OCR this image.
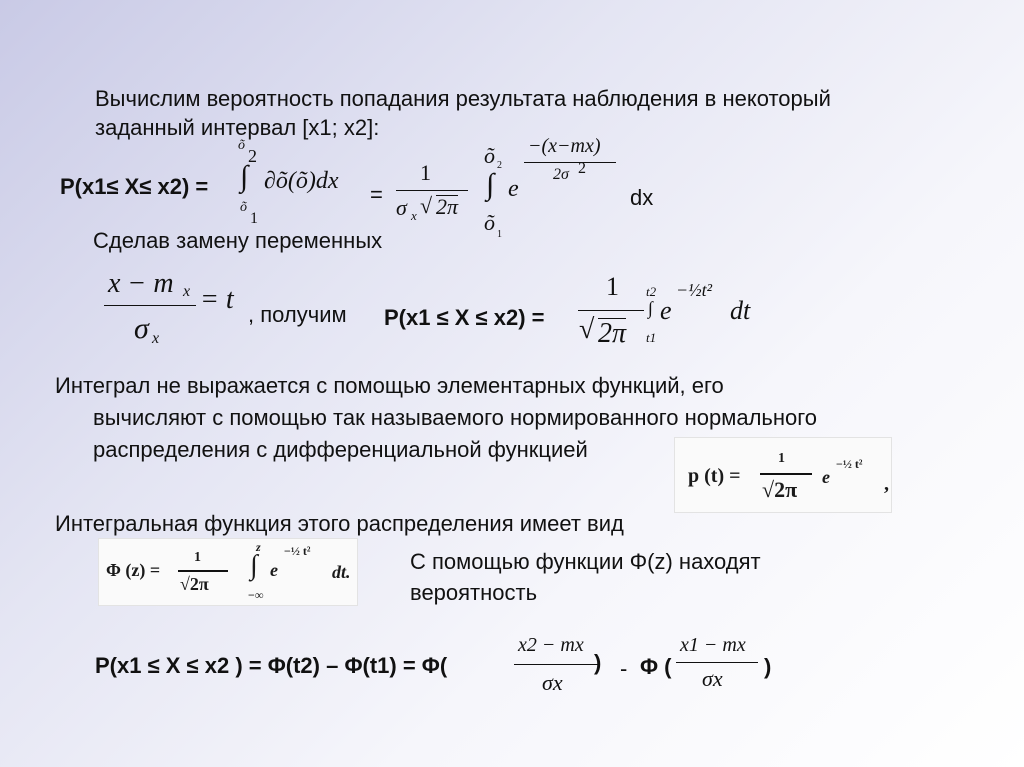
Вычислим вероятность попадания результата наблюдения в некоторый
заданный интервал [x1; x2]:
P(x1≤ X≤ x2) =
õ
2
∫
õ
1
∂õ(õ)dx
=
1
σ x √ 2π
õ 2
∫
õ 1
e
−(x−mx)
2σ 2
dx
Сделав замену переменных
x − m x
σ x
= t , получим P(x1 ≤ X ≤ x2) =
1
√ 2π
t2
∫
t1
e
−½t²
dt
Интеграл не выражается с помощью элементарных функций, его
вычисляют с помощью так называемого нормированного нормального
распределения с дифференциальной функцией
p (t) =
1
√2π e
−½ t²
,
Интегральная функция этого распределения имеет вид
Φ (z) =
1
√2π
z
∫
−∞
e
−½ t²
dt.	С помощью функции Φ(z) находят
вероятность
P(x1 ≤ X ≤ x2 ) = Φ(t2) – Φ(t1) = Φ(
x2 − mx
σx
) - Φ (
x1 − mx
σx )
